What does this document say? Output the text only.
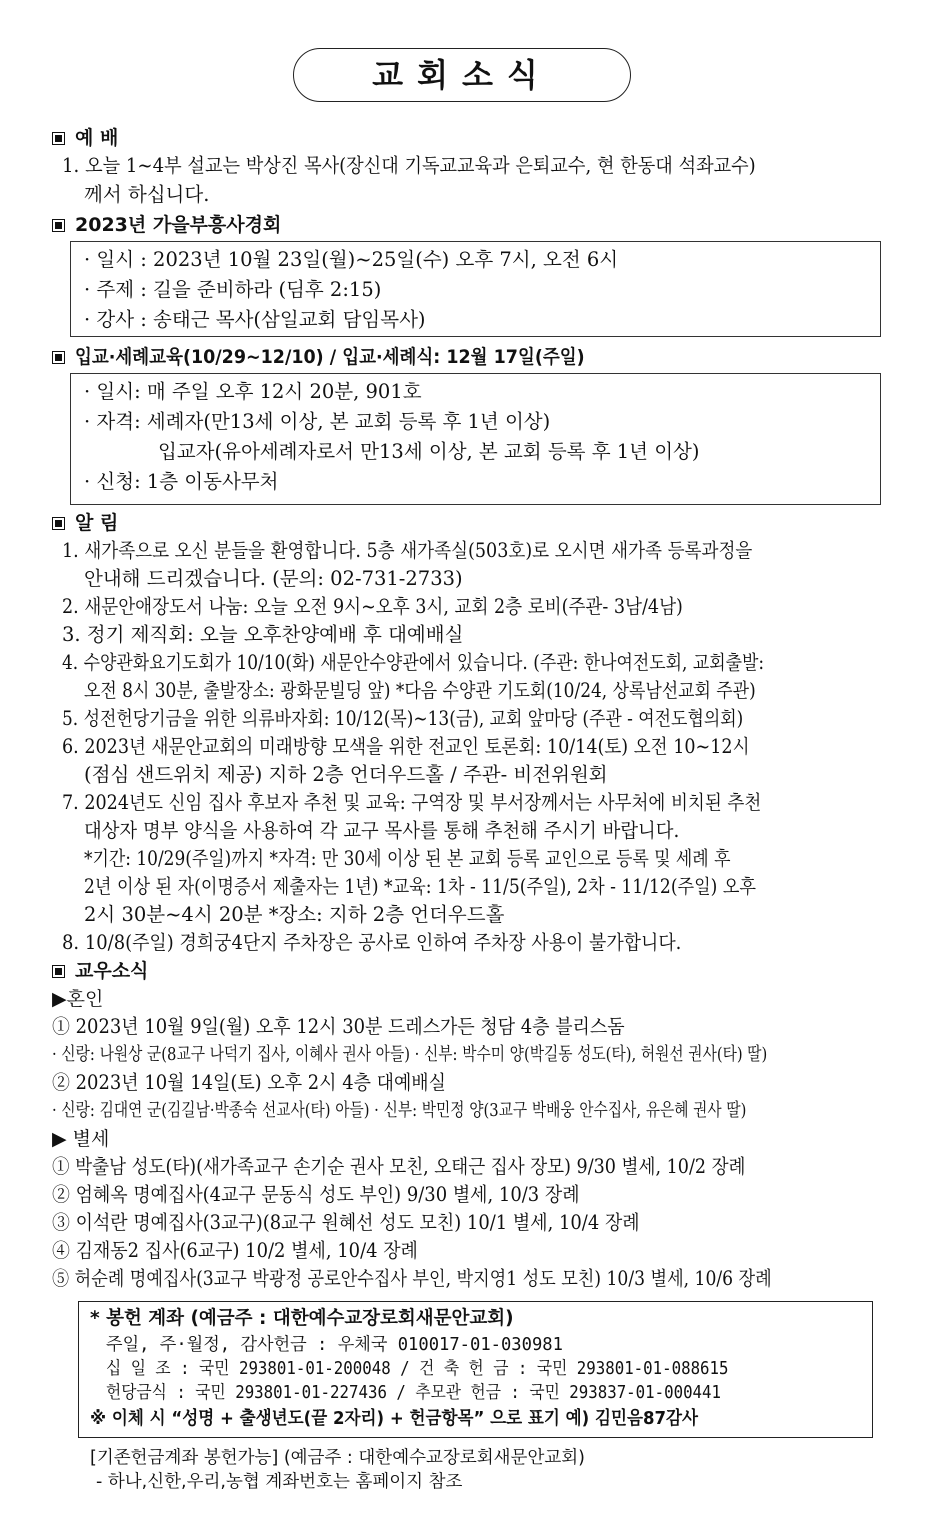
교회소식
예 배
1. 오늘 1~4부 설교는 박상진 목사(장신대 기독교교육과 은퇴교수, 현 한동대 석좌교수)
께서 하십니다.
2023년 가을부흥사경회
· 일시 : 2023년 10월 23일(월)~25일(수) 오후 7시, 오전 6시
· 주제 : 길을 준비하라 (딤후 2:15)
· 강사 : 송태근 목사(삼일교회 담임목사)
입교·세례교육(10/29~12/10) / 입교·세례식: 12월 17일(주일)
· 일시: 매 주일 오후 12시 20분, 901호
· 자격: 세례자(만13세 이상, 본 교회 등록 후 1년 이상)
입교자(유아세례자로서 만13세 이상, 본 교회 등록 후 1년 이상)
· 신청: 1층 이동사무처
알 림
1. 새가족으로 오신 분들을 환영합니다. 5층 새가족실(503호)로 오시면 새가족 등록과정을
안내해 드리겠습니다. (문의: 02-731-2733)
2. 새문안애장도서 나눔: 오늘 오전 9시~오후 3시, 교회 2층 로비(주관- 3남/4남)
3. 정기 제직회: 오늘 오후찬양예배 후 대예배실
4. 수양관화요기도회가 10/10(화) 새문안수양관에서 있습니다. (주관: 한나여전도회, 교회출발:
오전 8시 30분, 출발장소: 광화문빌딩 앞) *다음 수양관 기도회(10/24, 상록남선교회 주관)
5. 성전헌당기금을 위한 의류바자회: 10/12(목)~13(금), 교회 앞마당 (주관 - 여전도협의회)
6. 2023년 새문안교회의 미래방향 모색을 위한 전교인 토론회: 10/14(토) 오전 10~12시
(점심 샌드위치 제공) 지하 2층 언더우드홀 / 주관- 비전위원회
7. 2024년도 신임 집사 후보자 추천 및 교육: 구역장 및 부서장께서는 사무처에 비치된 추천
대상자 명부 양식을 사용하여 각 교구 목사를 통해 추천해 주시기 바랍니다.
*기간: 10/29(주일)까지 *자격: 만 30세 이상 된 본 교회 등록 교인으로 등록 및 세례 후
2년 이상 된 자(이명증서 제출자는 1년) *교육: 1차 - 11/5(주일), 2차 - 11/12(주일) 오후
2시 30분~4시 20분 *장소: 지하 2층 언더우드홀
8. 10/8(주일) 경희궁4단지 주차장은 공사로 인하여 주차장 사용이 불가합니다.
교우소식
▶혼인
① 2023년 10월 9일(월) 오후 12시 30분 드레스가든 청담 4층 블리스돔
· 신랑: 나원상 군(8교구 나덕기 집사, 이혜사 권사 아들) · 신부: 박수미 양(박길동 성도(타), 허원선 권사(타) 딸)
② 2023년 10월 14일(토) 오후 2시 4층 대예배실
· 신랑: 김대연 군(김길남·박종숙 선교사(타) 아들) · 신부: 박민정 양(3교구 박배웅 안수집사, 유은혜 권사 딸)
▶ 별세
① 박출남 성도(타)(새가족교구 손기순 권사 모친, 오태근 집사 장모) 9/30 별세, 10/2 장례
② 엄혜옥 명예집사(4교구 문동식 성도 부인) 9/30 별세, 10/3 장례
③ 이석란 명예집사(3교구)(8교구 원혜선 성도 모친) 10/1 별세, 10/4 장례
④ 김재동2 집사(6교구) 10/2 별세, 10/4 장례
⑤ 허순례 명예집사(3교구 박광정 공로안수집사 부인, 박지영1 성도 모친) 10/3 별세, 10/6 장례
* 봉헌 계좌 (예금주 : 대한예수교장로회새문안교회)
주일, 주·월정, 감사헌금 : 우체국 010017-01-030981
십 일 조 : 국민 293801-01-200048 / 건 축 헌 금 : 국민 293801-01-088615
헌당금식 : 국민 293801-01-227436 / 추모관 헌금 : 국민 293837-01-000441
※ 이체 시 “성명 + 출생년도(끝 2자리) + 헌금항목” 으로 표기 예) 김민음87감사
[기존헌금계좌 봉헌가능] (예금주 : 대한예수교장로회새문안교회)
- 하나,신한,우리,농협 계좌번호는 홈페이지 참조
